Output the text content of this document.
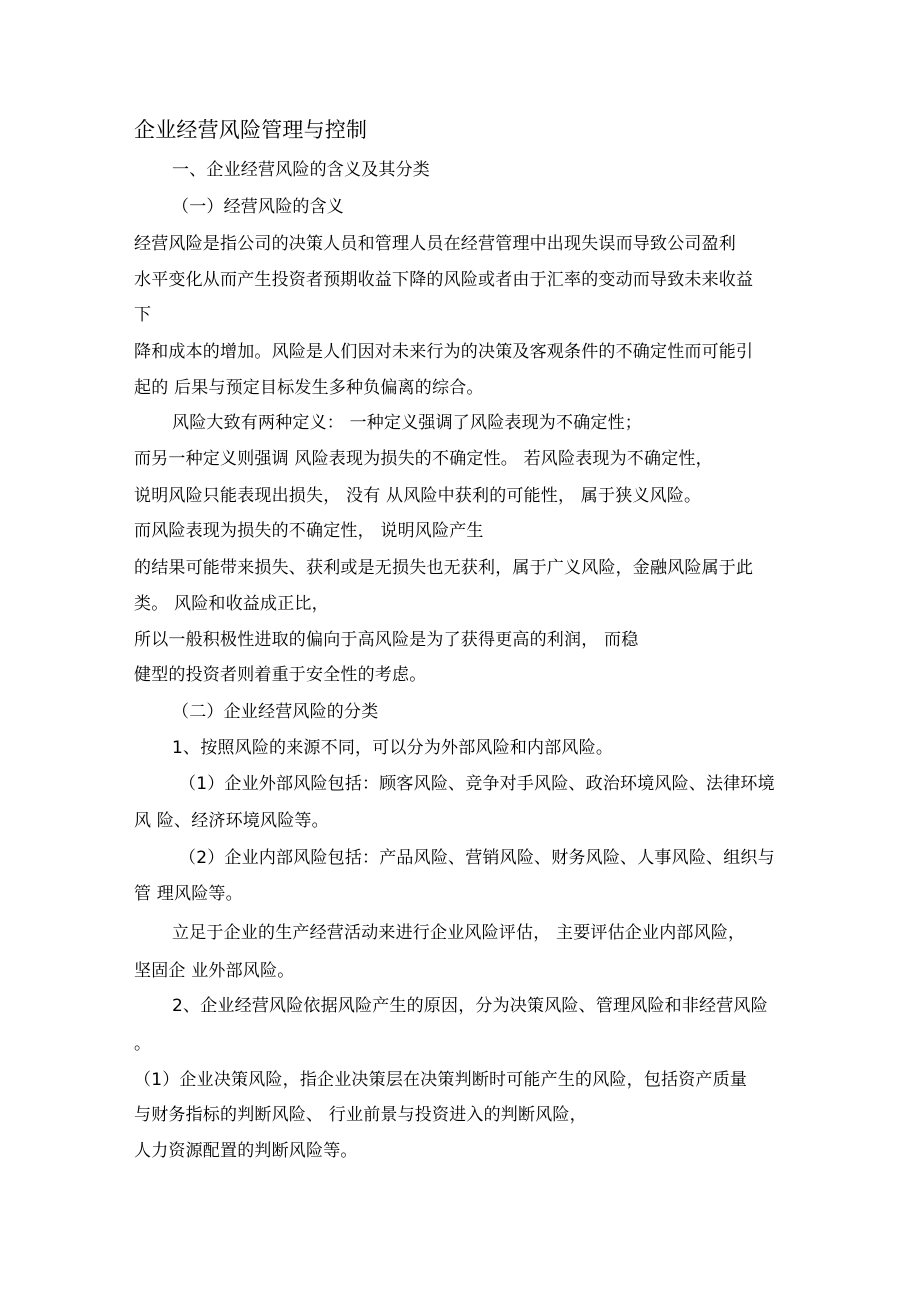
企业经营风险管理与控制
一、企业经营风险的含义及其分类
（一）经营风险的含义
经营风险是指公司的决策人员和管理人员在经营管理中出现失误而导致公司盈利
水平变化从而产生投资者预期收益下降的风险或者由于汇率的变动而导致未来收益
下
降和成本的增加。风险是人们因对未来行为的决策及客观条件的不确定性而可能引
起的 后果与预定目标发生多种负偏离的综合。
风险大致有两种定义： 一种定义强调了风险表现为不确定性；
而另一种定义则强调 风险表现为损失的不确定性。 若风险表现为不确定性，
说明风险只能表现出损失， 没有 从风险中获利的可能性， 属于狭义风险。
而风险表现为损失的不确定性， 说明风险产生
的结果可能带来损失、获利或是无损失也无获利，属于广义风险，金融风险属于此
类。 风险和收益成正比，
所以一般积极性进取的偏向于高风险是为了获得更高的利润， 而稳
健型的投资者则着重于安全性的考虑。
（二）企业经营风险的分类
1、按照风险的来源不同，可以分为外部风险和内部风险。
（1）企业外部风险包括：顾客风险、竞争对手风险、政治环境风险、法律环境
风 险、经济环境风险等。
（2）企业内部风险包括：产品风险、营销风险、财务风险、人事风险、组织与
管 理风险等。
立足于企业的生产经营活动来进行企业风险评估， 主要评估企业内部风险，
坚固企 业外部风险。
2、企业经营风险依据风险产生的原因，分为决策风险、管理风险和非经营风险
。
（1）企业决策风险，指企业决策层在决策判断时可能产生的风险，包括资产质量
与财务指标的判断风险、 行业前景与投资进入的判断风险，
人力资源配置的判断风险等。
